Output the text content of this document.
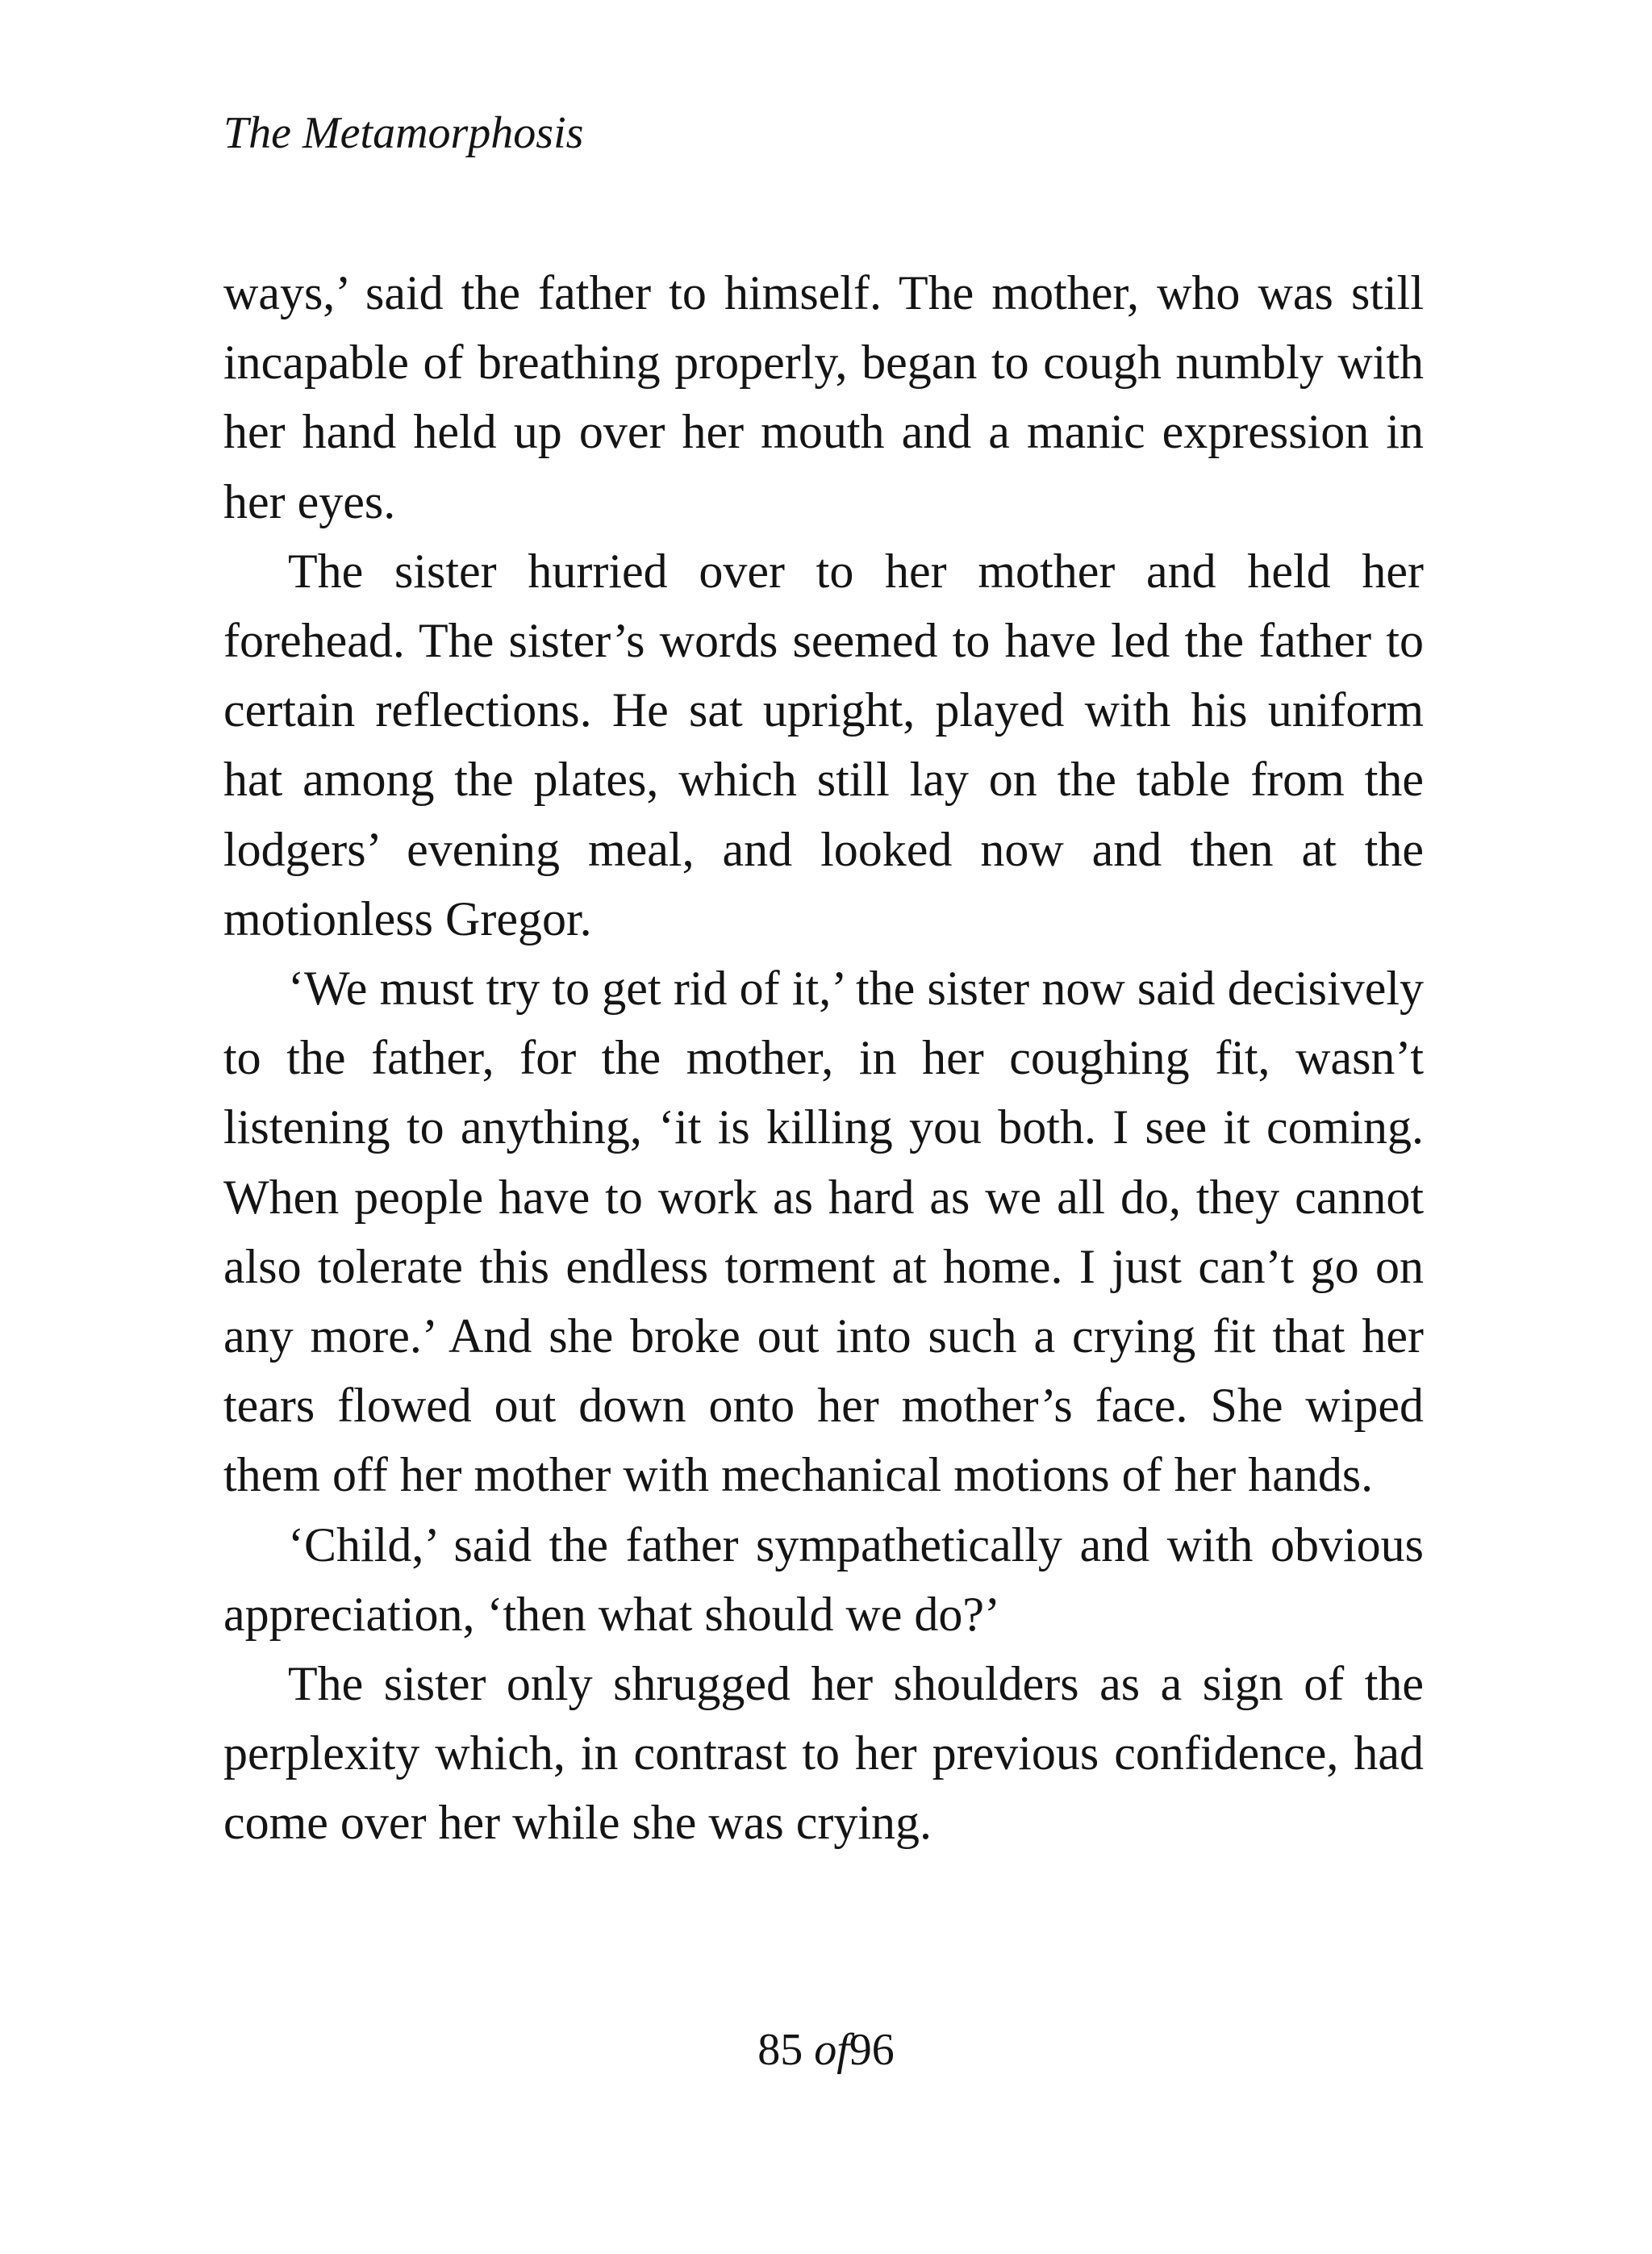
The Metamorphosis

ways,’ said the father to himself. The mother, who was still incapable of breathing properly, began to cough numbly with her hand held up over her mouth and a manic expression in her eyes.

The sister hurried over to her mother and held her forehead. The sister’s words seemed to have led the father to certain reflections. He sat upright, played with his uniform hat among the plates, which still lay on the table from the lodgers’ evening meal, and looked now and then at the motionless Gregor.

‘We must try to get rid of it,’ the sister now said decisively to the father, for the mother, in her coughing fit, wasn’t listening to anything, ‘it is killing you both. I see it coming. When people have to work as hard as we all do, they cannot also tolerate this endless torment at home. I just can’t go on any more.’ And she broke out into such a crying fit that her tears flowed out down onto her mother’s face. She wiped them off her mother with mechanical motions of her hands.

‘Child,’ said the father sympathetically and with obvious appreciation, ‘then what should we do?’

The sister only shrugged her shoulders as a sign of the perplexity which, in contrast to her previous confidence, had come over her while she was crying.

85 of96
